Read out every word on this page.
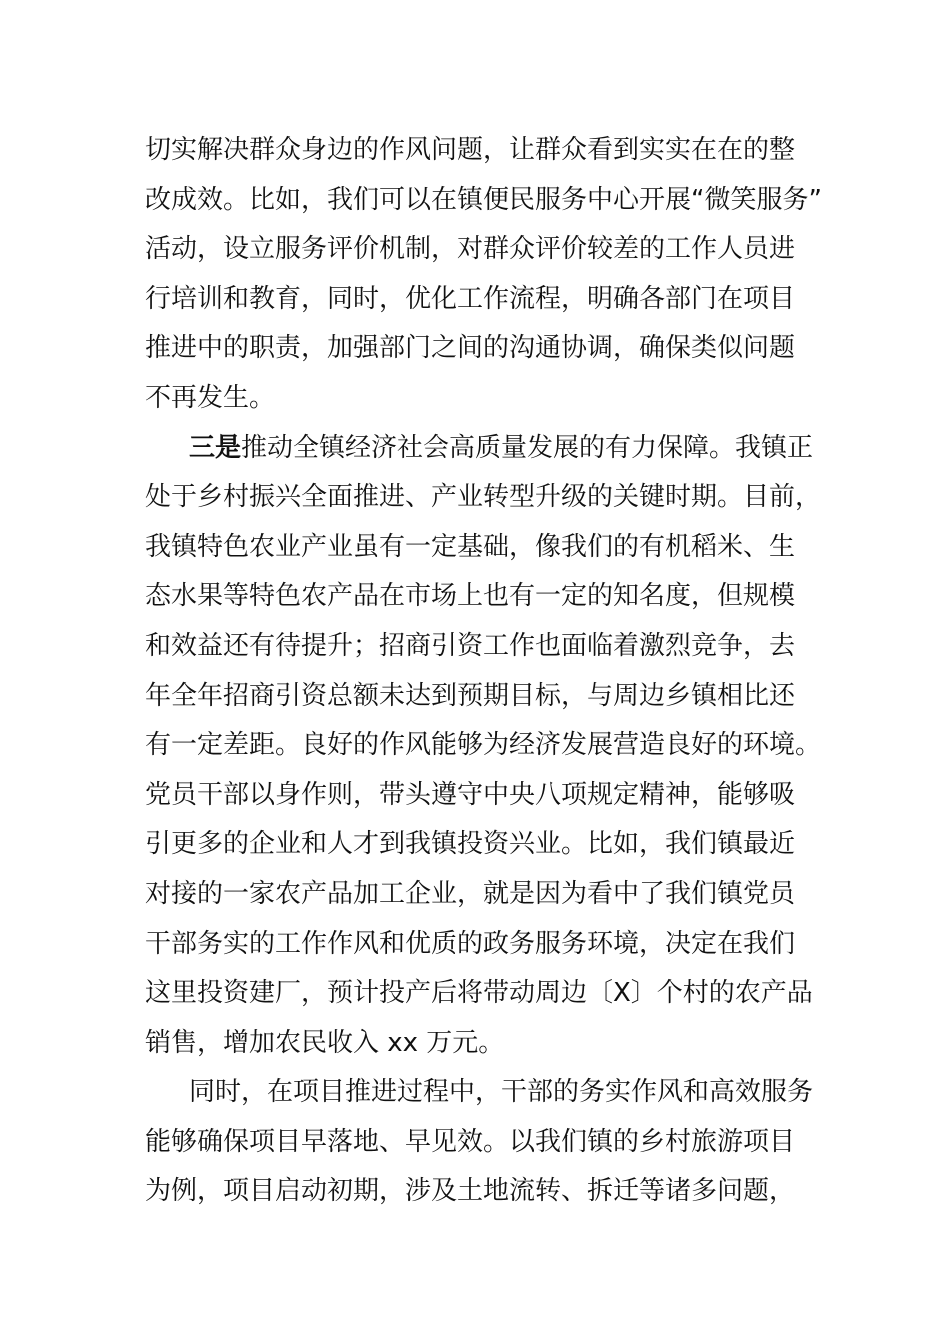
切实解决群众身边的作风问题，让群众看到实实在在的整
改成效。比如，我们可以在镇便民服务中心开展“微笑服务”
活动，设立服务评价机制，对群众评价较差的工作人员进
行培训和教育，同时，优化工作流程，明确各部门在项目
推进中的职责，加强部门之间的沟通协调，确保类似问题
不再发生。
三是推动全镇经济社会高质量发展的有力保障。我镇正
处于乡村振兴全面推进、产业转型升级的关键时期。目前，
我镇特色农业产业虽有一定基础，像我们的有机稻米、生
态水果等特色农产品在市场上也有一定的知名度，但规模
和效益还有待提升；招商引资工作也面临着激烈竞争，去
年全年招商引资总额未达到预期目标，与周边乡镇相比还
有一定差距。良好的作风能够为经济发展营造良好的环境。
党员干部以身作则，带头遵守中央八项规定精神，能够吸
引更多的企业和人才到我镇投资兴业。比如，我们镇最近
对接的一家农产品加工企业，就是因为看中了我们镇党员
干部务实的工作作风和优质的政务服务环境，决定在我们
这里投资建厂，预计投产后将带动周边〔X〕个村的农产品
销售，增加农民收入 xx 万元。
同时，在项目推进过程中，干部的务实作风和高效服务
能够确保项目早落地、早见效。以我们镇的乡村旅游项目
为例，项目启动初期，涉及土地流转、拆迁等诸多问题，
